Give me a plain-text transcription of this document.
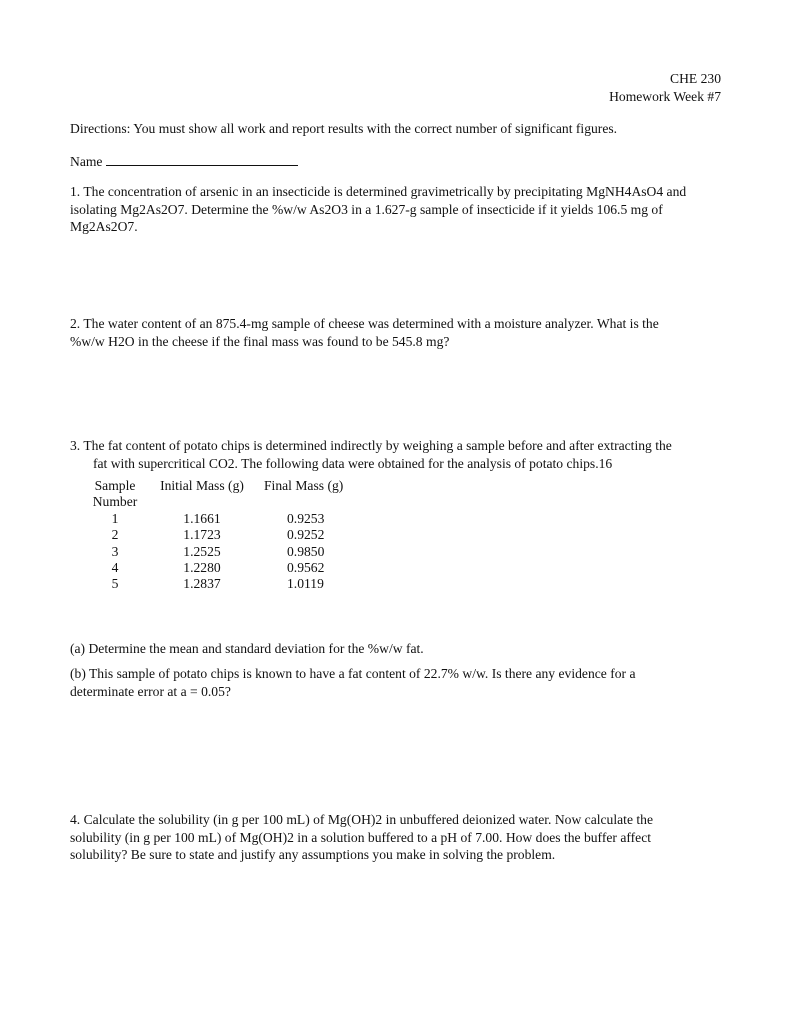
CHE 230
Homework Week #7
Directions: You must show all work and report results with the correct number of significant figures.
Name
1. The concentration of arsenic in an insecticide is determined gravimetrically by precipitating MgNH4AsO4 and
isolating Mg2As2O7. Determine the %w/w As2O3 in a 1.627-g sample of insecticide if it yields 106.5 mg of
Mg2As2O7.
2. The water content of an 875.4-mg sample of cheese was determined with a moisture analyzer. What is the
%w/w H2O in the cheese if the final mass was found to be 545.8 mg?
3. The fat content of potato chips is determined indirectly by weighing a sample before and after extracting the
fat with supercritical CO2. The following data were obtained for the analysis of potato chips.16
Sample
Number	Initial Mass (g)	Final Mass (g)
1	1.1661	0.9253
2	1.1723	0.9252
3	1.2525	0.9850
4	1.2280	0.9562
5	1.2837	1.0119
(a) Determine the mean and standard deviation for the %w/w fat.
(b) This sample of potato chips is known to have a fat content of 22.7% w/w. Is there any evidence for a
determinate error at a = 0.05?
4. Calculate the solubility (in g per 100 mL) of Mg(OH)2 in unbuffered deionized water. Now calculate the
solubility (in g per 100 mL) of Mg(OH)2 in a solution buffered to a pH of 7.00. How does the buffer affect
solubility? Be sure to state and justify any assumptions you make in solving the problem.
